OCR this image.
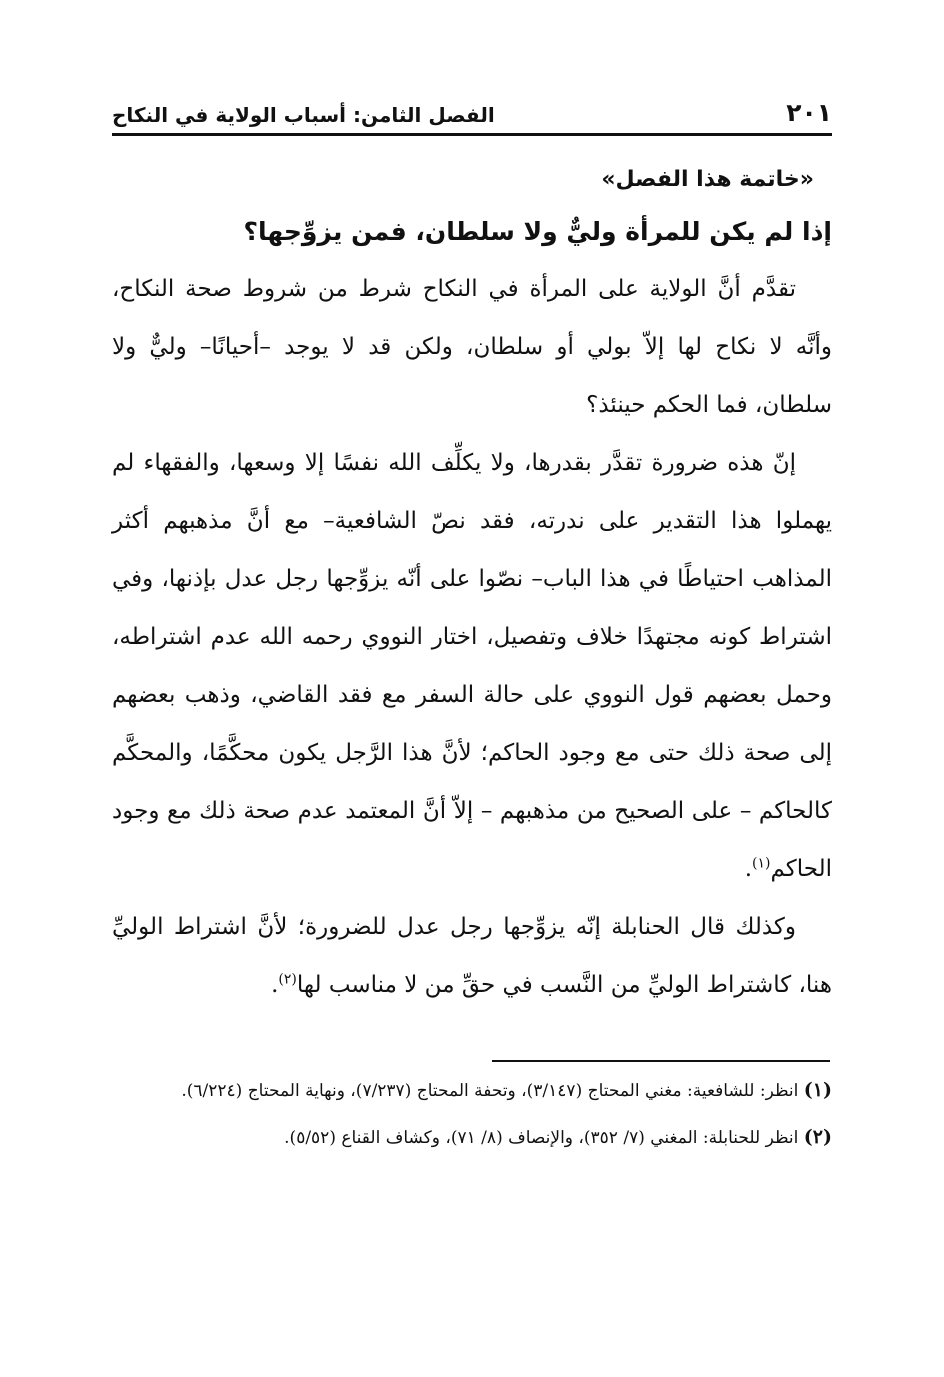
٢٠١
الفصل الثامن: أسباب الولاية في النكاح
«خاتمة هذا الفصل»
إذا لم يكن للمرأة وليٌّ ولا سلطان، فمن يزوِّجها؟

تقدَّم أنَّ الولاية على المرأة في النكاح شرط من شروط صحة النكاح، وأنَّه لا نكاح لها إلاّ بولي أو سلطان، ولكن قد لا يوجد –أحيانًا– وليٌّ ولا سلطان، فما الحكم حينئذ؟

إنّ هذه ضرورة تقدَّر بقدرها، ولا يكلِّف الله نفسًا إلا وسعها، والفقهاء لم يهملوا هذا التقدير على ندرته، فقد نصّ الشافعية– مع أنَّ مذهبهم أكثر المذاهب احتياطًا في هذا الباب– نصّوا على أنّه يزوِّجها رجل عدل بإذنها، وفي اشتراط كونه مجتهدًا خلاف وتفصيل، اختار النووي رحمه الله عدم اشتراطه، وحمل بعضهم قول النووي على حالة السفر مع فقد القاضي، وذهب بعضهم إلى صحة ذلك حتى مع وجود الحاكم؛ لأنَّ هذا الرَّجل يكون محكَّمًا، والمحكَّم كالحاكم – على الصحيح من مذهبهم – إلاّ أنَّ المعتمد عدم صحة ذلك مع وجود الحاكم$^{(١)}$.

وكذلك قال الحنابلة إنّه يزوِّجها رجل عدل للضرورة؛ لأنَّ اشتراط الوليِّ هنا، كاشتراط الوليِّ من النَّسب في حقِّ من لا مناسب لها$^{(٢)}$.

(١) انظر: للشافعية: مغني المحتاج (٣/١٤٧)، وتحفة المحتاج (٧/٢٣٧)، ونهاية المحتاج (٦/٢٢٤).

(٢) انظر للحنابلة: المغني (٧/ ٣٥٢)، والإنصاف (٨/ ٧١)، وكشاف القناع (٥/٥٢).
